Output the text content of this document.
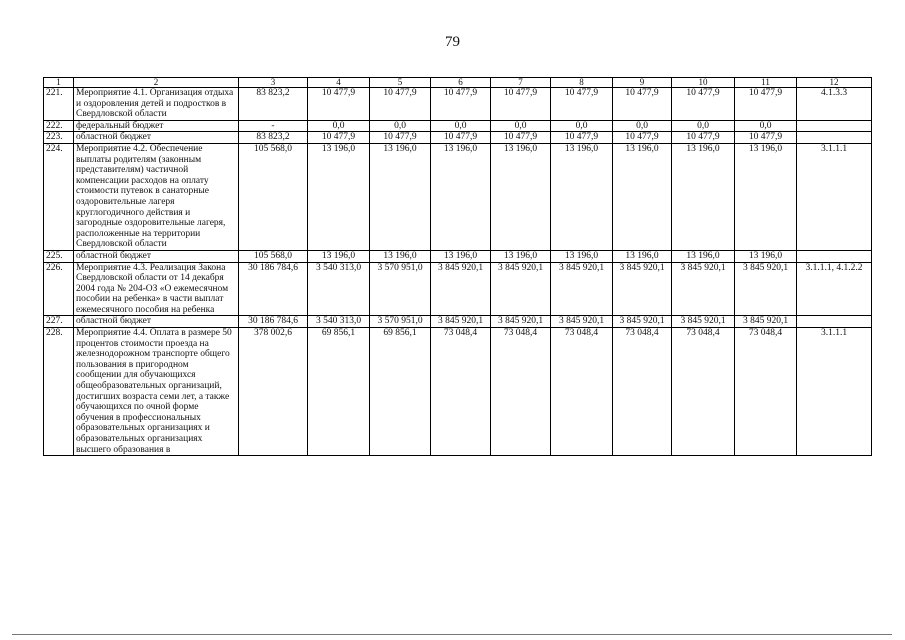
79
1	2	3	4	5	6	7	8	9	10	11	12
221.	Мероприятие 4.1. Организация отдыха и оздоровления детей и подростков в Свердловской области	83 823,2	10 477,9	10 477,9	10 477,9	10 477,9	10 477,9	10 477,9	10 477,9	10 477,9	4.1.3.3
222.	федеральный бюджет	-	0,0	0,0	0,0	0,0	0,0	0,0	0,0	0,0	
223.	областной бюджет	83 823,2	10 477,9	10 477,9	10 477,9	10 477,9	10 477,9	10 477,9	10 477,9	10 477,9	
224.	Мероприятие 4.2. Обеспечение выплаты родителям (законным представителям) частичной компенсации расходов на оплату стоимости путевок в санаторные оздоровительные лагеря круглогодичного действия и загородные оздоровительные лагеря, расположенные на территории Свердловской области	105 568,0	13 196,0	13 196,0	13 196,0	13 196,0	13 196,0	13 196,0	13 196,0	13 196,0	3.1.1.1
225.	областной бюджет	105 568,0	13 196,0	13 196,0	13 196,0	13 196,0	13 196,0	13 196,0	13 196,0	13 196,0	
226.	Мероприятие 4.3. Реализация Закона Свердловской области от 14 декабря 2004 года № 204-ОЗ «О ежемесячном пособии на ребенка» в части выплат ежемесячного пособия на ребенка	30 186 784,6	3 540 313,0	3 570 951,0	3 845 920,1	3 845 920,1	3 845 920,1	3 845 920,1	3 845 920,1	3 845 920,1	3.1.1.1, 4.1.2.2
227.	областной бюджет	30 186 784,6	3 540 313,0	3 570 951,0	3 845 920,1	3 845 920,1	3 845 920,1	3 845 920,1	3 845 920,1	3 845 920,1	
228.	Мероприятие 4.4. Оплата в размере 50 процентов стоимости проезда на железнодорожном транспорте общего пользования в пригородном сообщении для обучающихся общеобразовательных организаций, достигших возраста семи лет, а также обучающихся по очной форме обучения в профессиональных образовательных организациях и образовательных организациях высшего образования в	378 002,6	69 856,1	69 856,1	73 048,4	73 048,4	73 048,4	73 048,4	73 048,4	73 048,4	3.1.1.1
